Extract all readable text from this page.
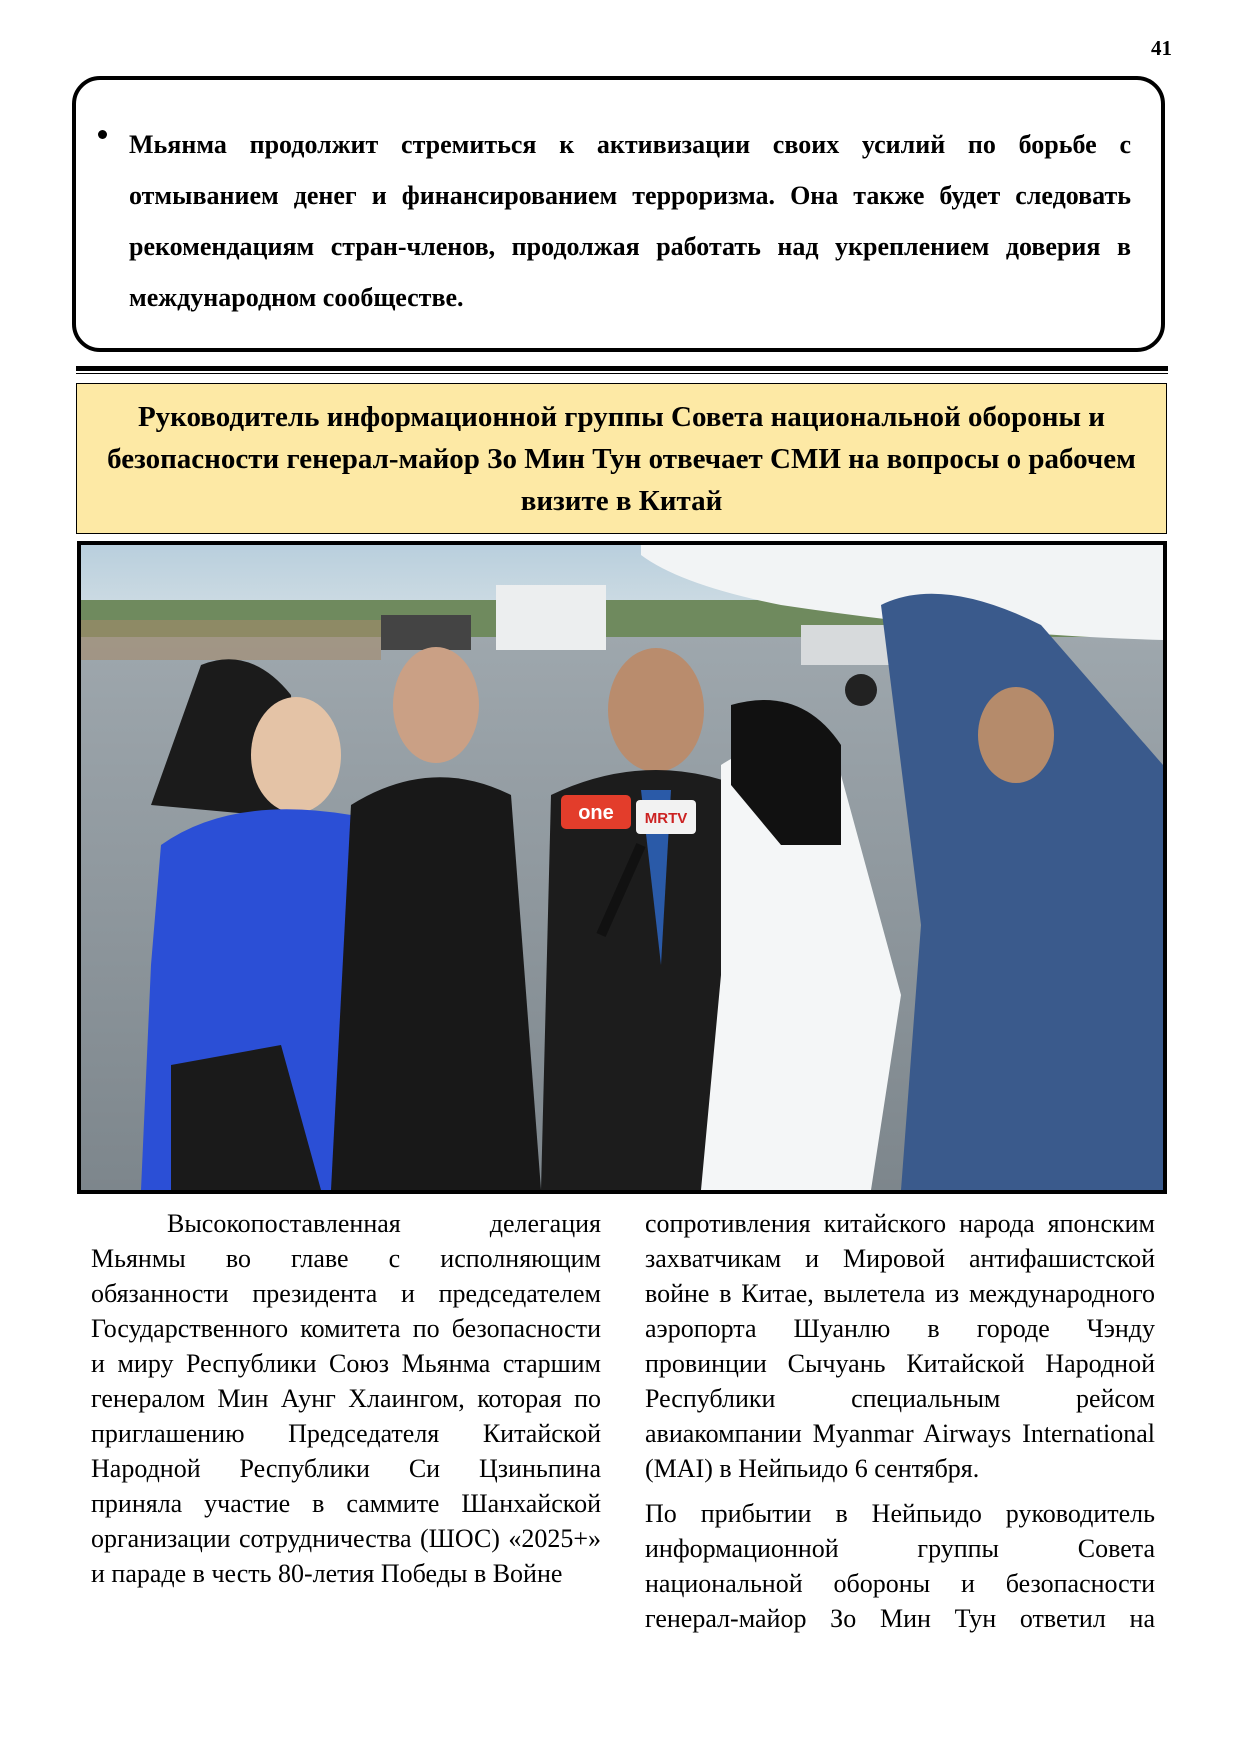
41
Мьянма продолжит стремиться к активизации своих усилий по борьбе с отмыванием денег и финансированием терроризма. Она также будет следовать рекомендациям стран-членов, продолжая работать над укреплением доверия в международном сообществе.
Руководитель информационной группы Совета национальной обороны и безопасности генерал-майор Зо Мин Тун отвечает СМИ на вопросы о рабочем визите в Китай
one MRTV

Высокопоставленная делегация Мьянмы во главе с исполняющим обязанности президента и председателем Государственного комитета по безопасности и миру Республики Союз Мьянма старшим генералом Мин Аунг Хлаингом, которая по приглашению Председателя Китайской Народной Республики Си Цзиньпина приняла участие в саммите Шанхайской организации сотрудничества (ШОС) «2025+» и параде в честь 80-летия Победы в Войне

сопротивления китайского народа японским захватчикам и Мировой антифашистской войне в Китае, вылетела из международного аэропорта Шуанлю в городе Чэнду провинции Сычуань Китайской Народной Республики специальным рейсом авиакомпании Myanmar Airways International (MAI) в Нейпьидо 6 сентября.

По прибытии в Нейпьидо руководитель информационной группы Совета национальной обороны и безопасности генерал-майор Зо Мин Тун ответил на
